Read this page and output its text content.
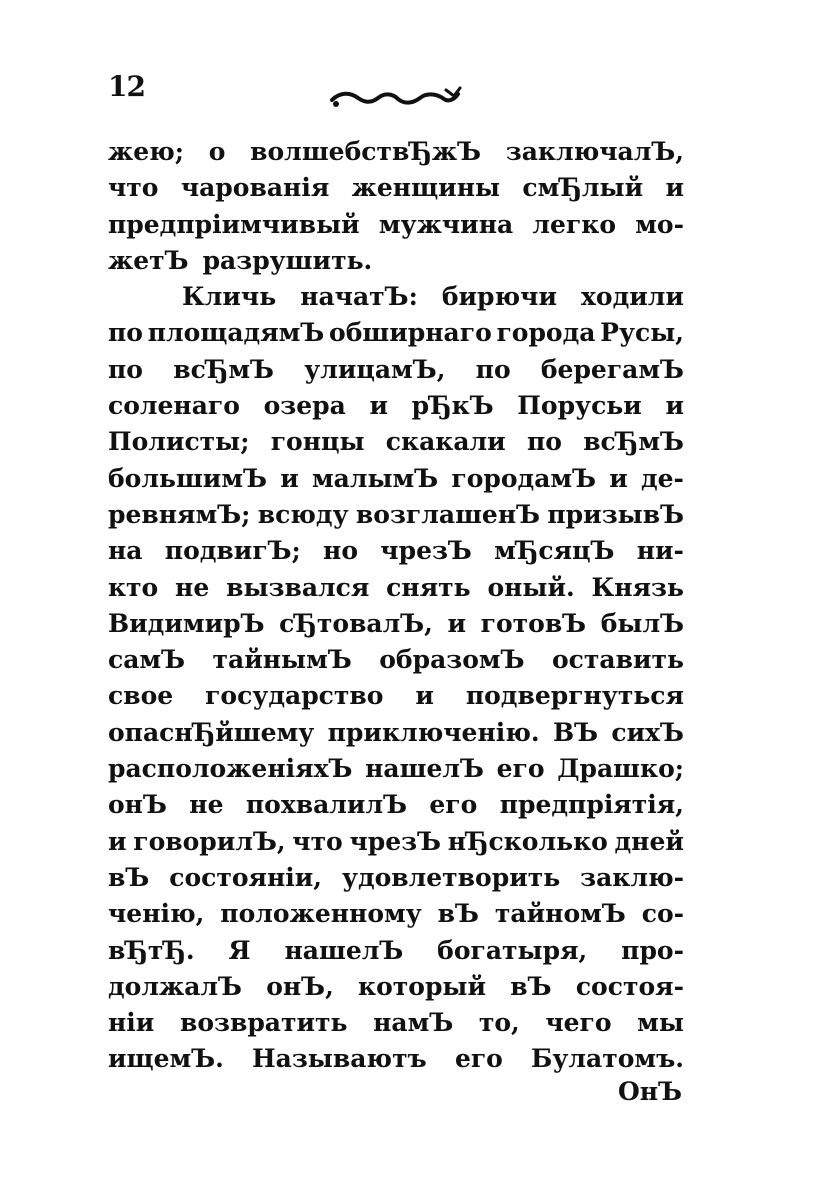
12
жею; о волшебствЂжЪ заключалЪ,
что чарованія женщины смЂлый и
предпріимчивый мужчина легко мо-
жетЪ разрушить.
Кличь начатЪ: бирючи ходили
по площадямЪ обширнаго города Русы,
по всЂмЪ улицамЪ, по берегамЪ
соленаго озера и рЂкЪ Порусьи и
Полисты; гонцы скакали по всЂмЪ
большимЪ и малымЪ городамЪ и де-
ревнямЪ; всюду возглашенЪ призывЪ
на подвигЪ; но чрезЪ мЂсяцЪ ни-
кто не вызвался снять оный. Князь
ВидимирЪ сЂтовалЪ, и готовЪ былЪ
самЪ тайнымЪ образомЪ оставить
свое государство и подвергнуться
опаснЂйшему приключенію. ВЪ сихЪ
расположеніяхЪ нашелЪ его Драшко;
онЪ не похвалилЪ его предпріятія,
и говорилЪ, что чрезЪ нЂсколько дней
вЪ состояніи, удовлетворить заклю-
ченію, положенному вЪ тайномЪ со-
вЂтЂ. Я нашелЪ богатыря, про-
должалЪ онЪ, который вЪ состоя-
ніи возвратить намЪ то, чего мы
ищемЪ. Называютъ его Булатомъ.
ОнЪ
